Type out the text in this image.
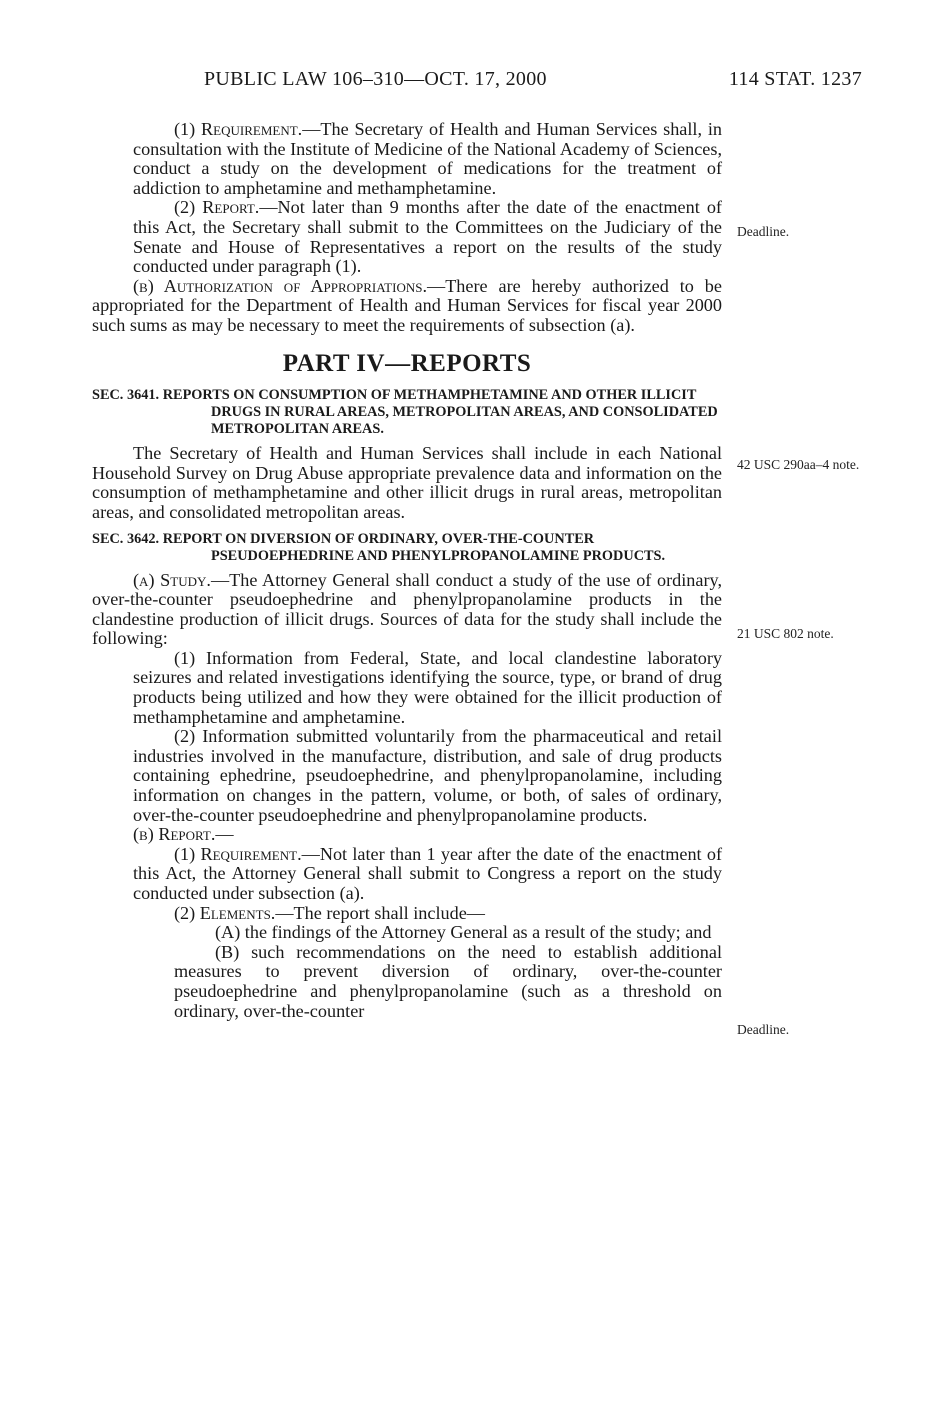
PUBLIC LAW 106–310—OCT. 17, 2000	114 STAT. 1237

(1) Requirement.—The Secretary of Health and Human Services shall, in consultation with the Institute of Medicine of the National Academy of Sciences, conduct a study on the development of medications for the treatment of addiction to amphetamine and methamphetamine.

(2) Report.—Not later than 9 months after the date of the enactment of this Act, the Secretary shall submit to the Committees on the Judiciary of the Senate and House of Representatives a report on the results of the study conducted under paragraph (1).

(b) Authorization of Appropriations.—There are hereby authorized to be appropriated for the Department of Health and Human Services for fiscal year 2000 such sums as may be necessary to meet the requirements of subsection (a).

PART IV—REPORTS

SEC. 3641. REPORTS ON CONSUMPTION OF METHAMPHETAMINE AND OTHER ILLICIT DRUGS IN RURAL AREAS, METROPOLITAN AREAS, AND CONSOLIDATED METROPOLITAN AREAS.

The Secretary of Health and Human Services shall include in each National Household Survey on Drug Abuse appropriate prevalence data and information on the consumption of methamphetamine and other illicit drugs in rural areas, metropolitan areas, and consolidated metropolitan areas.

SEC. 3642. REPORT ON DIVERSION OF ORDINARY, OVER-THE-COUNTER PSEUDOEPHEDRINE AND PHENYLPROPANOLAMINE PRODUCTS.

(a) Study.—The Attorney General shall conduct a study of the use of ordinary, over-the-counter pseudoephedrine and phenylpropanolamine products in the clandestine production of illicit drugs. Sources of data for the study shall include the following:

(1) Information from Federal, State, and local clandestine laboratory seizures and related investigations identifying the source, type, or brand of drug products being utilized and how they were obtained for the illicit production of methamphetamine and amphetamine.

(2) Information submitted voluntarily from the pharmaceutical and retail industries involved in the manufacture, distribution, and sale of drug products containing ephedrine, pseudoephedrine, and phenylpropanolamine, including information on changes in the pattern, volume, or both, of sales of ordinary, over-the-counter pseudoephedrine and phenylpropanolamine products.

(b) Report.—

(1) Requirement.—Not later than 1 year after the date of the enactment of this Act, the Attorney General shall submit to Congress a report on the study conducted under subsection (a).

(2) Elements.—The report shall include—

(A) the findings of the Attorney General as a result of the study; and

(B) such recommendations on the need to establish additional measures to prevent diversion of ordinary, over-the-counter pseudoephedrine and phenylpropanolamine (such as a threshold on ordinary, over-the-counter

Deadline.
42 USC 290aa–4 note.
21 USC 802 note.
Deadline.
